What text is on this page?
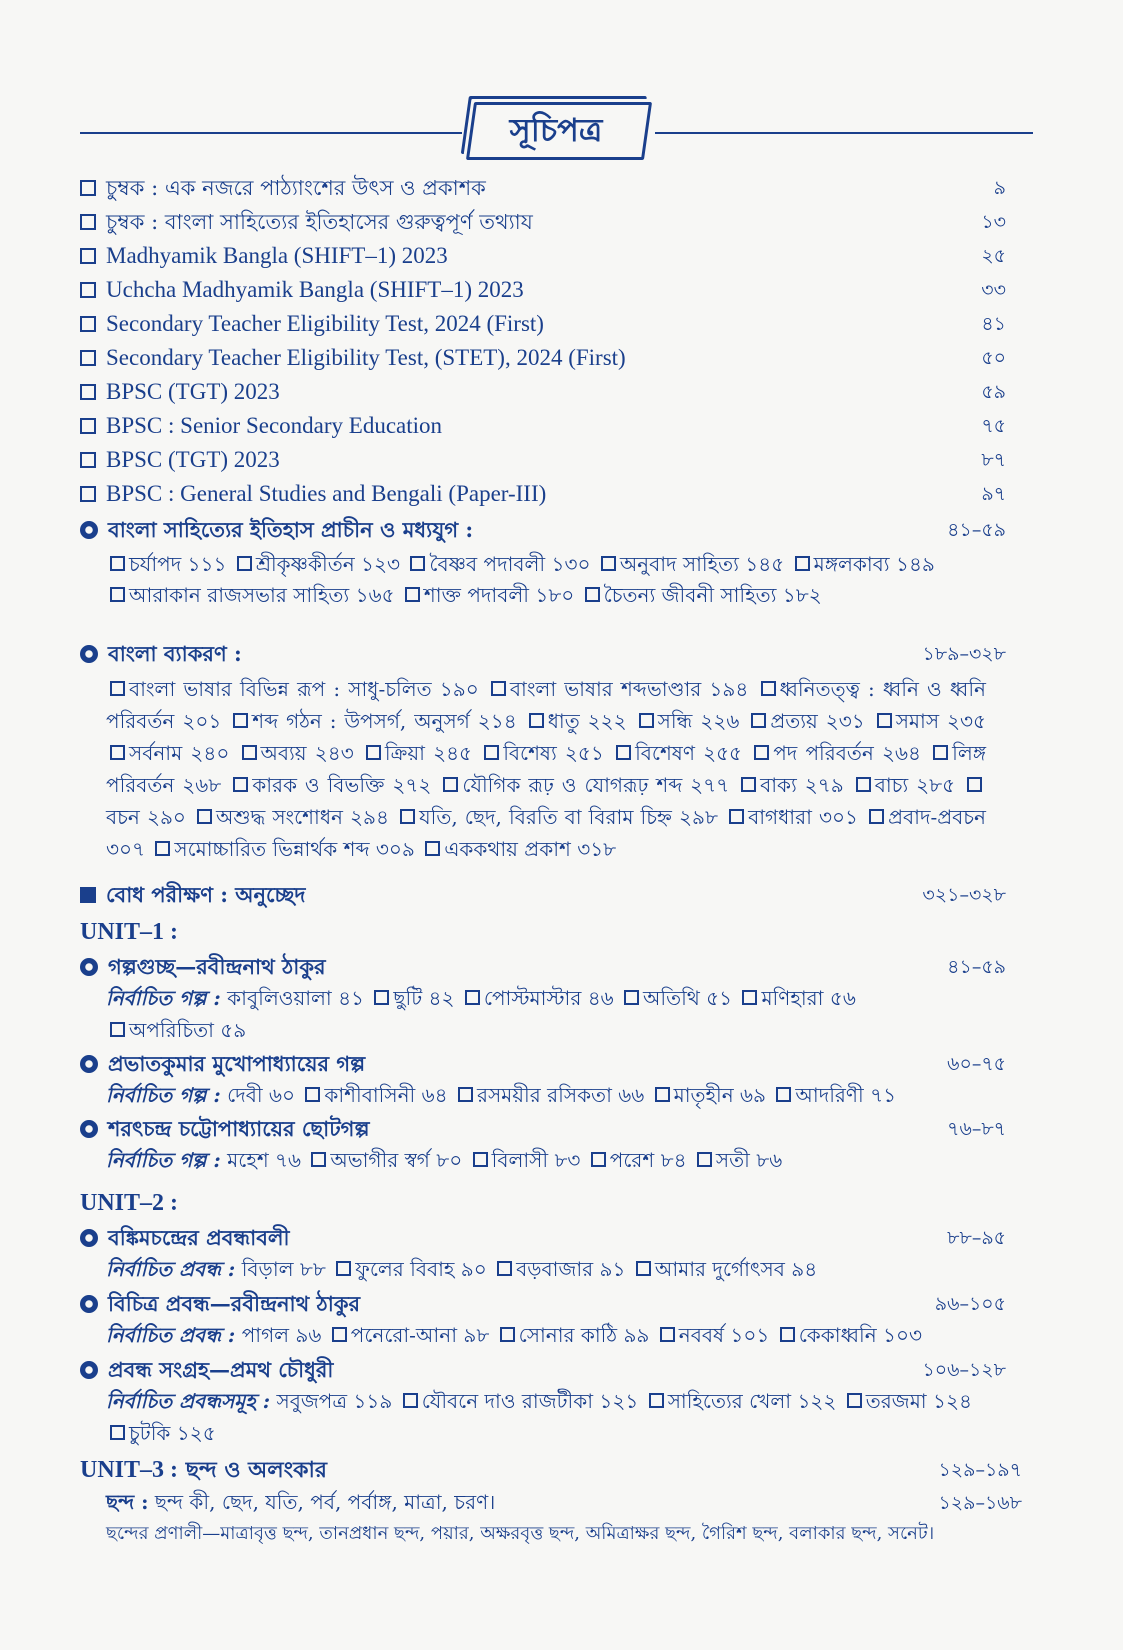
সূচিপত্র
চুম্বক : এক নজরে পাঠ্যাংশের উৎস ও প্রকাশক	৯
চুম্বক : বাংলা সাহিত্যের ইতিহাসের গুরুত্বপূর্ণ তথ্যায	১৩
Madhyamik Bangla (SHIFT–1) 2023	২৫
Uchcha Madhyamik Bangla (SHIFT–1) 2023	৩৩
Secondary Teacher Eligibility Test, 2024 (First)	৪১
Secondary Teacher Eligibility Test, (STET), 2024 (First)	৫০
BPSC (TGT) 2023	৫৯
BPSC : Senior Secondary Education	৭৫
BPSC (TGT) 2023	৮৭
BPSC : General Studies and Bengali (Paper-III)	৯৭
বাংলা সাহিত্যের ইতিহাস প্রাচীন ও মধ্যযুগ :	৪১–৫৯
চর্যাপদ ১১১ শ্রীকৃষ্ণকীর্তন ১২৩ বৈষ্ণব পদাবলী ১৩০ অনুবাদ সাহিত্য ১৪৫ মঙ্গলকাব্য ১৪৯
আরাকান রাজসভার সাহিত্য ১৬৫ শাক্ত পদাবলী ১৮০ চৈতন্য জীবনী সাহিত্য ১৮২
বাংলা ব্যাকরণ :	১৮৯–৩২৮
বাংলা ভাষার বিভিন্ন রূপ : সাধু-চলিত ১৯০ বাংলা ভাষার শব্দভাণ্ডার ১৯৪ ধ্বনিতত্ত্ব : ধ্বনি ও ধ্বনি পরিবর্তন ২০১ শব্দ গঠন : উপসর্গ, অনুসর্গ ২১৪ ধাতু ২২২ সন্ধি ২২৬ প্রত্যয় ২৩১ সমাস ২৩৫ সর্বনাম ২৪০ অব্যয় ২৪৩ ক্রিয়া ২৪৫ বিশেষ্য ২৫১ বিশেষণ ২৫৫ পদ পরিবর্তন ২৬৪ লিঙ্গ পরিবর্তন ২৬৮ কারক ও বিভক্তি ২৭২ যৌগিক রূঢ় ও যোগরূঢ় শব্দ ২৭৭ বাক্য ২৭৯ বাচ্য ২৮৫ বচন ২৯০ অশুদ্ধ সংশোধন ২৯৪ যতি, ছেদ, বিরতি বা বিরাম চিহ্ন ২৯৮ বাগধারা ৩০১ প্রবাদ-প্রবচন ৩০৭ সমোচ্চারিত ভিন্নার্থক শব্দ ৩০৯ এককথায় প্রকাশ ৩১৮
বোধ পরীক্ষণ : অনুচ্ছেদ	৩২১–৩২৮
UNIT–1 :
গল্পগুচ্ছ—রবীন্দ্রনাথ ঠাকুর	৪১–৫৯
নির্বাচিত গল্প : কাবুলিওয়ালা ৪১ ছুটি ৪২ পোস্টমাস্টার ৪৬ অতিথি ৫১ মণিহারা ৫৬
অপরিচিতা ৫৯
প্রভাতকুমার মুখোপাধ্যায়ের গল্প	৬০–৭৫
নির্বাচিত গল্প : দেবী ৬০ কাশীবাসিনী ৬৪ রসময়ীর রসিকতা ৬৬ মাতৃহীন ৬৯ আদরিণী ৭১
শরৎচন্দ্র চট্টোপাধ্যায়ের ছোটগল্প	৭৬–৮৭
নির্বাচিত গল্প : মহেশ ৭৬ অভাগীর স্বর্গ ৮০ বিলাসী ৮৩ পরেশ ৮৪ সতী ৮৬
UNIT–2 :
বঙ্কিমচন্দ্রের প্রবন্ধাবলী	৮৮–৯৫
নির্বাচিত প্রবন্ধ : বিড়াল ৮৮ ফুলের বিবাহ ৯০ বড়বাজার ৯১ আমার দুর্গোৎসব ৯৪
বিচিত্র প্রবন্ধ—রবীন্দ্রনাথ ঠাকুর	৯৬–১০৫
নির্বাচিত প্রবন্ধ : পাগল ৯৬ পনেরো-আনা ৯৮ সোনার কাঠি ৯৯ নববর্ষ ১০১ কেকাধ্বনি ১০৩
প্রবন্ধ সংগ্রহ—প্রমথ চৌধুরী	১০৬–১২৮
নির্বাচিত প্রবন্ধসমূহ : সবুজপত্র ১১৯ যৌবনে দাও রাজটীকা ১২১ সাহিত্যের খেলা ১২২ তরজমা ১২৪
চুটকি ১২৫
UNIT–3 : ছন্দ ও অলংকার	১২৯–১৯৭
ছন্দ : ছন্দ কী, ছেদ, যতি, পর্ব, পর্বাঙ্গ, মাত্রা, চরণ।	১২৯–১৬৮
ছন্দের প্রণালী—মাত্রাবৃত্ত ছন্দ, তানপ্রধান ছন্দ, পয়ার, অক্ষরবৃত্ত ছন্দ, অমিত্রাক্ষর ছন্দ, গৈরিশ ছন্দ, বলাকার ছন্দ, সনেট।
